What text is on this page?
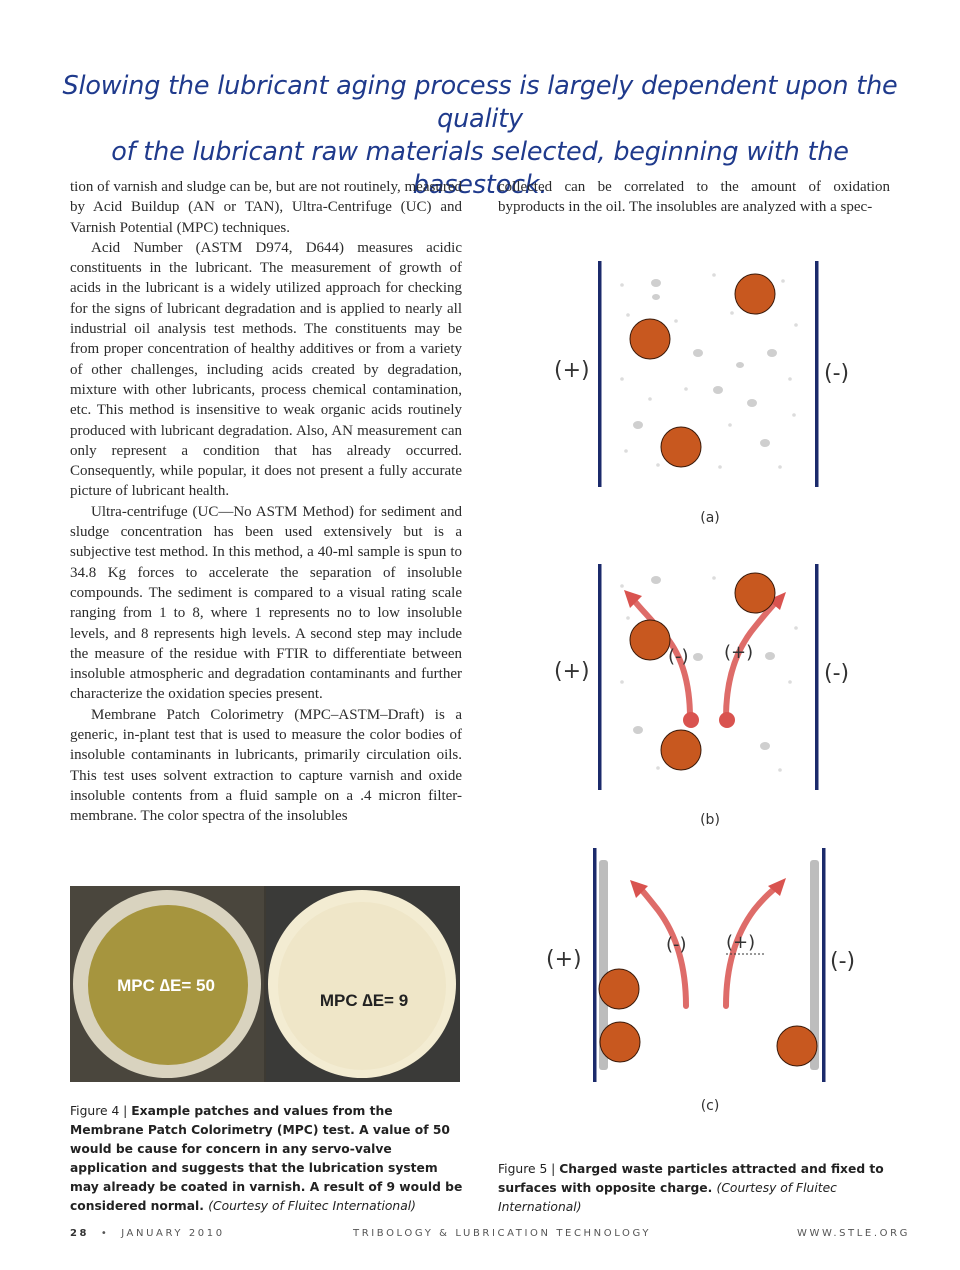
Slowing the lubricant aging process is largely dependent upon the quality
of the lubricant raw materials selected, beginning with the basestock.

tion of varnish and sludge can be, but are not routinely, measured by Acid Buildup (AN or TAN), Ultra-Centrifuge (UC) and Varnish Potential (MPC) techniques.

Acid Number (ASTM D974, D644) measures acidic constituents in the lubricant. The measurement of growth of acids in the lubricant is a widely utilized approach for checking for the signs of lubricant degradation and is applied to nearly all industrial oil analysis test methods. The constituents may be from proper concentration of healthy additives or from a variety of other challenges, including acids created by degradation, mixture with other lubricants, process chemical contamination, etc. This method is insensitive to weak organic acids routinely produced with lubricant degradation. Also, AN measurement can only represent a condition that has already occurred. Consequently, while popular, it does not present a fully accurate picture of lubricant health.

Ultra-centrifuge (UC—No ASTM Method) for sediment and sludge concentration has been used extensively but is a subjective test method. In this method, a 40-ml sample is spun to 34.8 Kg forces to accelerate the separation of insoluble compounds. The sediment is compared to a visual rating scale ranging from 1 to 8, where 1 represents no to low insoluble levels, and 8 represents high levels. A second step may include the measure of the residue with FTIR to differentiate between insoluble atmospheric and degradation contaminants and further characterize the oxidation species present.

Membrane Patch Colorimetry (MPC–ASTM–Draft) is a generic, in-plant test that is used to measure the color bodies of insoluble contaminants in lubricants, primarily circulation oils. This test uses solvent extraction to capture varnish and oxide insoluble contents from a fluid sample on a .4 micron filter-membrane. The color spectra of the insolubles

collected can be correlated to the amount of oxidation byproducts in the oil. The insolubles are analyzed with a spec-

MPC ∆E= 50
MPC ∆E= 9
Figure 4 | Example patches and values from the Membrane Patch Colorimetry (MPC) test. A value of 50 would be cause for concern in any servo-valve application and suggests that the lubrication system may already be coated in varnish. A result of 9 would be considered normal. (Courtesy of Fluitec International)
(+)	(-)
(a)
(+)	(-)
(-) (+)
(b)
(+)	(-)
(-) (+)
(c)
Figure 5 | Charged waste particles attracted and fixed to surfaces with opposite charge. (Courtesy of Fluitec International)
28 • JANUARY 2010	TRIBOLOGY & LUBRICATION TECHNOLOGY	WWW.STLE.ORG
